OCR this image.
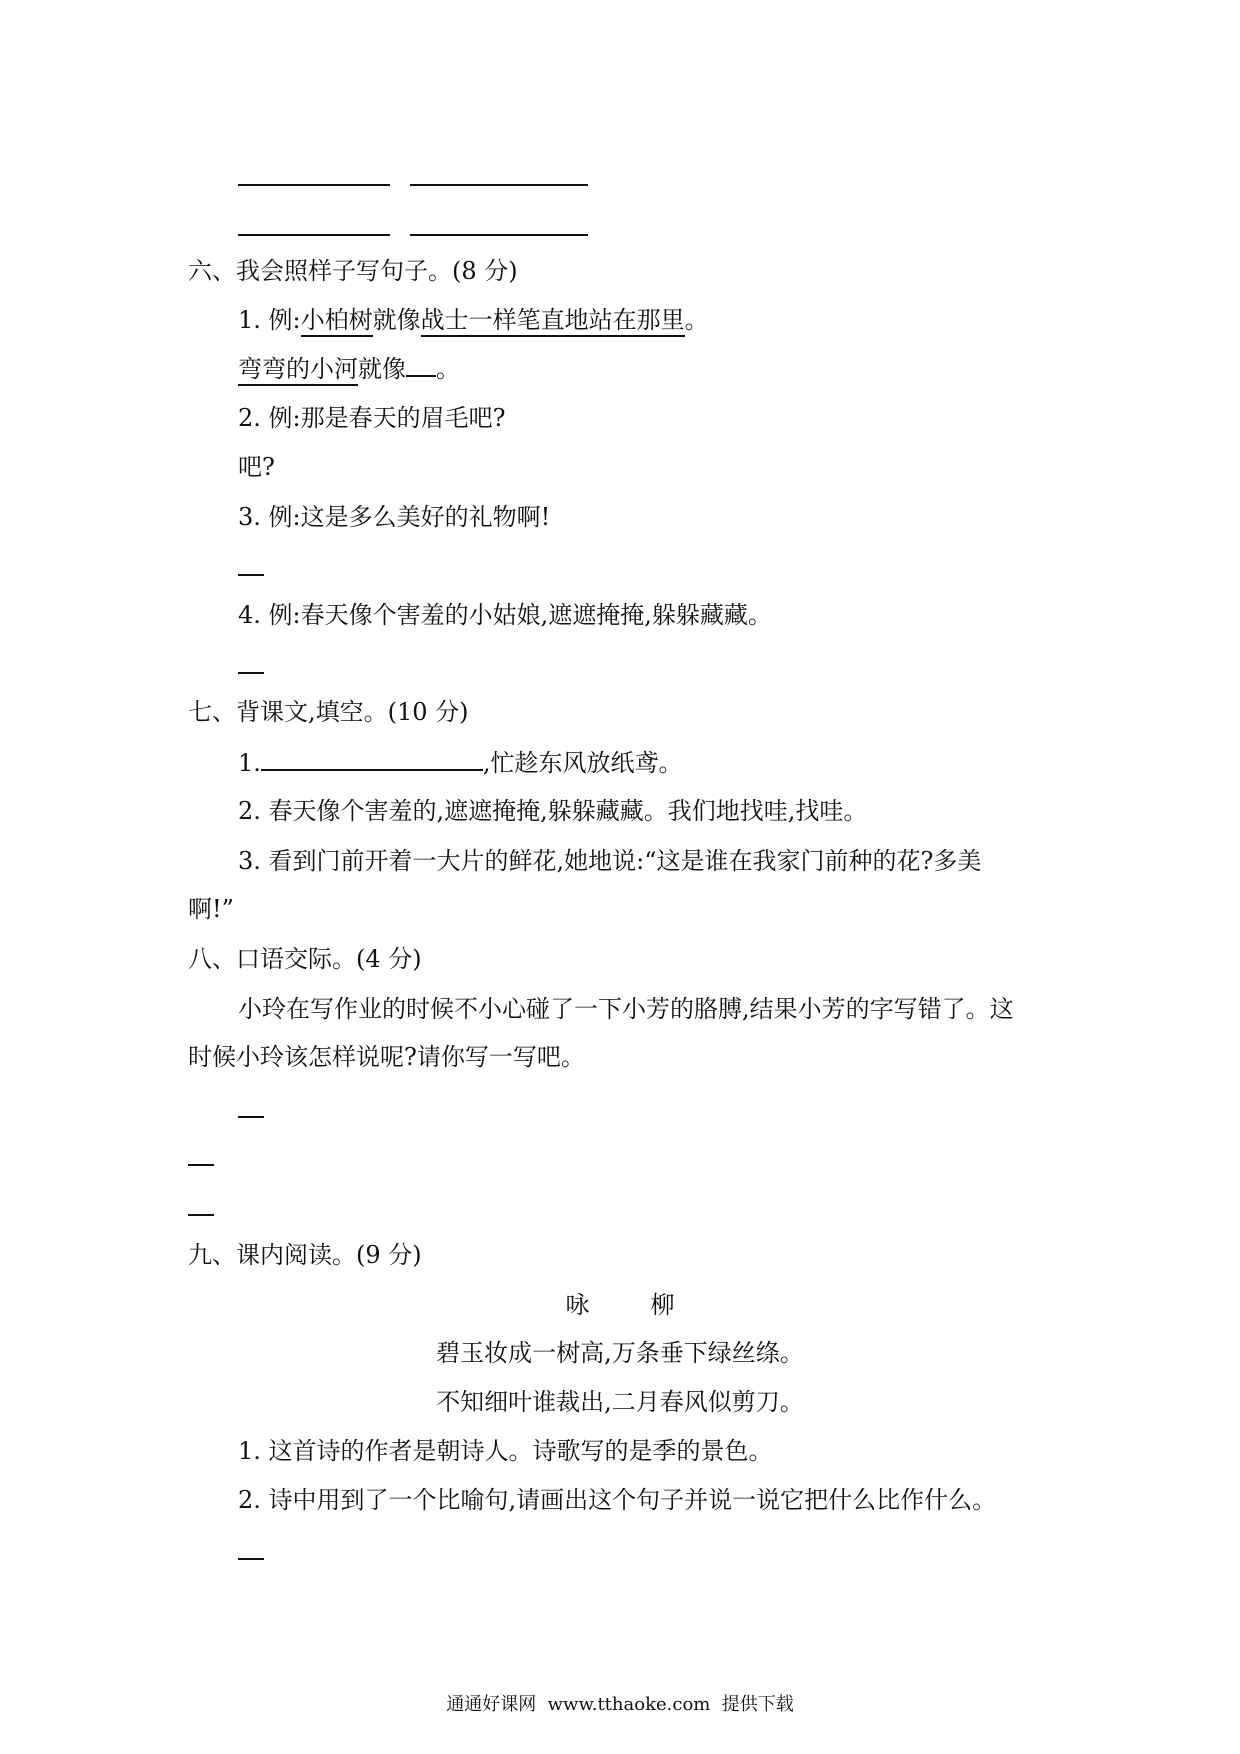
六、我会照样子写句子。(8 分)
1. 例:小柏树就像战士一样笔直地站在那里。
弯弯的小河就像 。
2. 例:那是春天的眉毛吧?
吧?
3. 例:这是多么美好的礼物啊!
4. 例:春天像个害羞的小姑娘,遮遮掩掩,躲躲藏藏。
七、背课文,填空。(10 分)
1.	,忙趁东风放纸鸢。
2. 春天像个害羞的,遮遮掩掩,躲躲藏藏。我们地找哇,找哇。
3. 看到门前开着一大片的鲜花,她地说:“这是谁在我家门前种的花?多美
啊!”
八、口语交际。(4 分)
小玲在写作业的时候不小心碰了一下小芳的胳膊,结果小芳的字写错了。这
时候小玲该怎样说呢?请你写一写吧。
九、课内阅读。(9 分)
咏        柳
碧玉妆成一树高,万条垂下绿丝绦。
不知细叶谁裁出,二月春风似剪刀。
1. 这首诗的作者是朝诗人。诗歌写的是季的景色。
2. 诗中用到了一个比喻句,请画出这个句子并说一说它把什么比作什么。
通通好课网  www.tthaoke.com  提供下载
